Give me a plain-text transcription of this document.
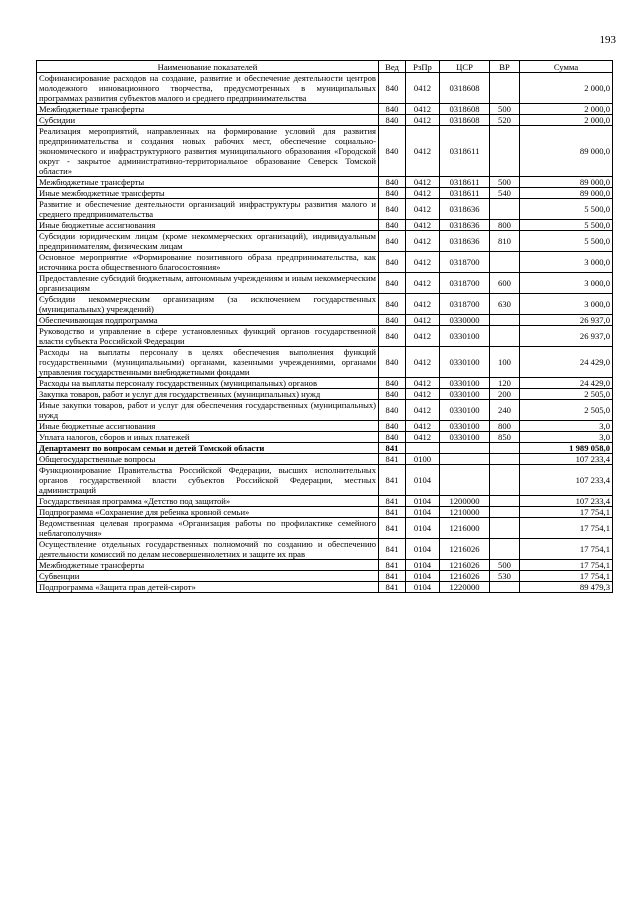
193
Наименование показателей	Вед	РзПр	ЦСР	ВР	Сумма
Софинансирование расходов на создание, развитие и обеспечение деятельности центров молодежного инновационного творчества, предусмотренных в муниципальных программах развития субъектов малого и среднего предпринимательства	840	0412	0318608		2 000,0
Межбюджетные трансферты	840	0412	0318608	500	2 000,0
Субсидии	840	0412	0318608	520	2 000,0
Реализация мероприятий, направленных на формирование условий для развития предпринимательства и создания новых рабочих мест, обеспечение социально-экономического и инфраструктурного развития муниципального образования «Городской округ - закрытое административно-территориальное образование Северск Томской области»	840	0412	0318611		89 000,0
Межбюджетные трансферты	840	0412	0318611	500	89 000,0
Иные межбюджетные трансферты	840	0412	0318611	540	89 000,0
Развитие и обеспечение деятельности организаций инфраструктуры развития малого и среднего предпринимательства	840	0412	0318636		5 500,0
Иные бюджетные ассигнования	840	0412	0318636	800	5 500,0
Субсидии юридическим лицам (кроме некоммерческих организаций), индивидуальным предпринимателям, физическим лицам	840	0412	0318636	810	5 500,0
Основное мероприятие «Формирование позитивного образа предпринимательства, как источника роста общественного благосостояния»	840	0412	0318700		3 000,0
Предоставление субсидий бюджетным, автономным учреждениям и иным некоммерческим организациям	840	0412	0318700	600	3 000,0
Субсидии некоммерческим организациям (за исключением государственных (муниципальных) учреждений)	840	0412	0318700	630	3 000,0
Обеспечивающая подпрограмма	840	0412	0330000		26 937,0
Руководство и управление в сфере установленных функций органов государственной власти субъекта Российской Федерации	840	0412	0330100		26 937,0
Расходы на выплаты персоналу в целях обеспечения выполнения функций государственными (муниципальными) органами, казенными учреждениями, органами управления государственными внебюджетными фондами	840	0412	0330100	100	24 429,0
Расходы на выплаты персоналу государственных (муниципальных) органов	840	0412	0330100	120	24 429,0
Закупка товаров, работ и услуг для государственных (муниципальных) нужд	840	0412	0330100	200	2 505,0
Иные закупки товаров, работ и услуг для обеспечения государственных (муниципальных) нужд	840	0412	0330100	240	2 505,0
Иные бюджетные ассигнования	840	0412	0330100	800	3,0
Уплата налогов, сборов и иных платежей	840	0412	0330100	850	3,0
Департамент по вопросам семьи и детей Томской области	841				1 989 058,0
Общегосударственные вопросы	841	0100			107 233,4
Функционирование Правительства Российской Федерации, высших исполнительных органов государственной власти субъектов Российской Федерации, местных администраций	841	0104			107 233,4
Государственная программа «Детство под защитой»	841	0104	1200000		107 233,4
Подпрограмма «Сохранение для ребенка кровной семьи»	841	0104	1210000		17 754,1
Ведомственная целевая программа «Организация работы по профилактике семейного неблагополучия»	841	0104	1216000		17 754,1
Осуществление отдельных государственных полномочий по созданию и обеспечению деятельности комиссий по делам несовершеннолетних и защите их прав	841	0104	1216026		17 754,1
Межбюджетные трансферты	841	0104	1216026	500	17 754,1
Субвенции	841	0104	1216026	530	17 754,1
Подпрограмма «Защита прав детей-сирот»	841	0104	1220000		89 479,3
